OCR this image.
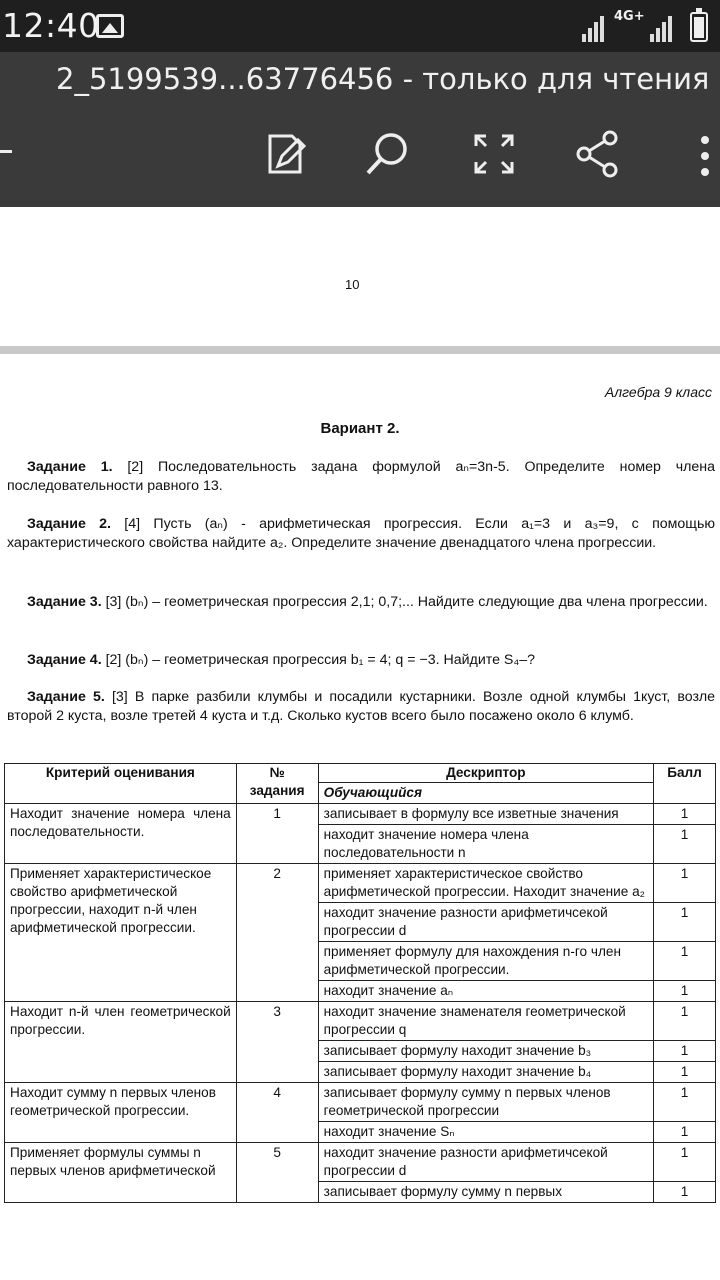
12:40	4G+
2_5199539...63776456 - только для чтения
10
Алгебра 9 класс
Вариант 2.
Задание 1. [2] Последовательность задана формулой aₙ=3n-5. Определите номер члена последовательности равного 13.
Задание 2. [4] Пусть (aₙ) - арифметическая прогрессия. Если a₁=3 и a₃=9, с помощью характеристического свойства найдите a₂. Определите значение двенадцатого члена прогрессии.
Задание 3. [3] (bₙ) – геометрическая прогрессия 2,1; 0,7;... Найдите следующие два члена прогрессии.
Задание 4. [2] (bₙ) – геометрическая прогрессия b₁ = 4; q = −3. Найдите S₄–?
Задание 5. [3] В парке разбили клумбы и посадили кустарники. Возле одной клумбы 1куст, возле второй 2 куста, возле третей 4 куста и т.д. Сколько кустов всего было посажено около 6 клумб.
Критерий оценивания	№ задания	Дескриптор	Балл
		Обучающийся	
Находит значение номера члена последовательности.	1	записывает в формулу все изветные значения	1
		находит значение номера члена последовательности n	1
Применяет характеристическое свойство арифметической прогрессии, находит n-й член арифметической прогрессии.	2	применяет характеристическое свойство арифметической прогрессии. Находит значение a₂	1
		находит значение разности арифметичсекой прогрессии d	1
		применяет формулу для нахождения n-го член арифметической прогрессии.	1
		находит значение aₙ	1
Находит n-й член геометрической прогрессии.	3	находит значение знаменателя геометрической прогрессии q	1
		записывает формулу находит значение b₃	1
		записывает формулу находит значение b₄	1
Находит сумму n первых членов геометрической прогрессии.	4	записывает формулу сумму n первых членов геометрической прогрессии	1
		находит значение Sₙ	1
Применяет формулы суммы n первых членов арифметической	5	находит значение разности арифметичсекой прогрессии d	1
		записывает формулу сумму n первых	1
